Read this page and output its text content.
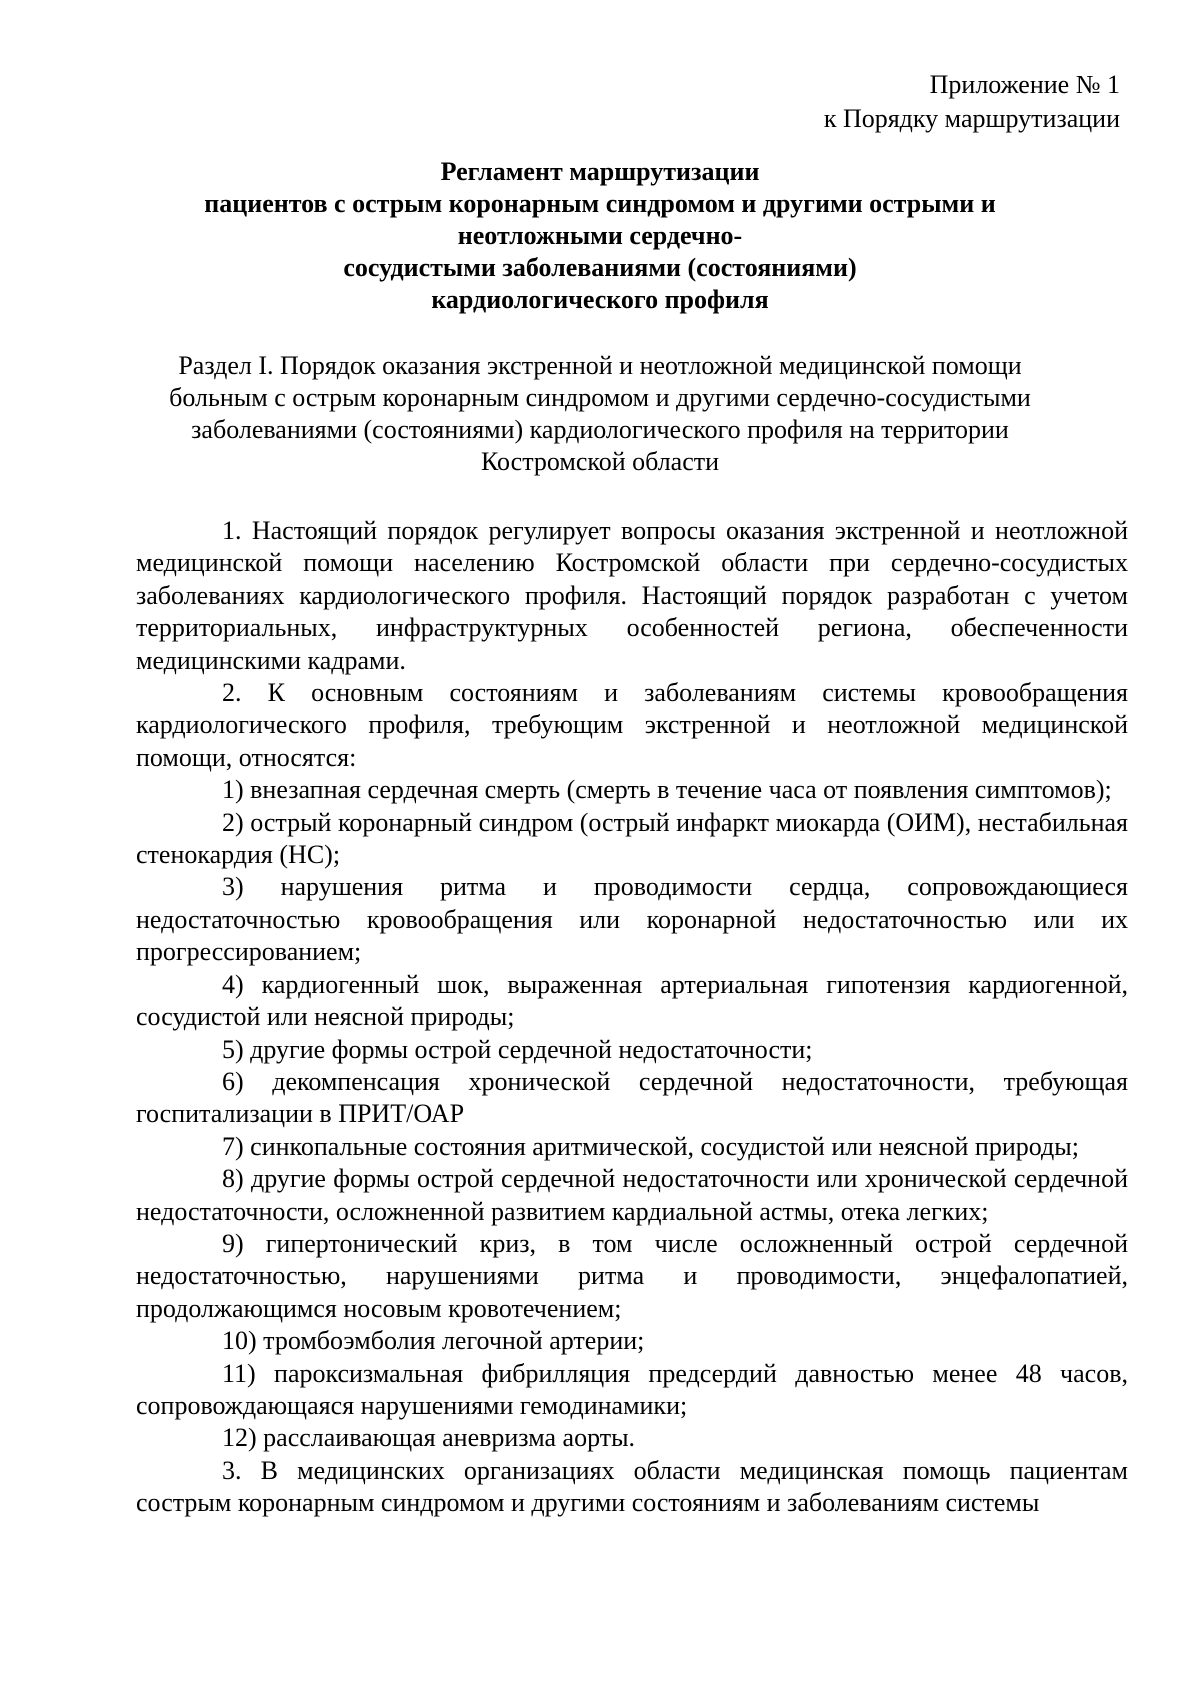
Приложение № 1
к Порядку маршрутизации
Регламент маршрутизации
пациентов с острым коронарным синдромом и другими острыми и
неотложными сердечно-
сосудистыми заболеваниями (состояниями)
кардиологического профиля
Раздел I. Порядок оказания экстренной и неотложной медицинской помощи
больным с острым коронарным синдромом и другими сердечно-сосудистыми
заболеваниями (состояниями) кардиологического профиля на территории
Костромской области

1. Настоящий порядок регулирует вопросы оказания экстренной и неотложной медицинской помощи населению Костромской области при сердечно-сосудистых заболеваниях кардиологического профиля. Настоящий порядок разработан с учетом территориальных, инфраструктурных особенностей региона, обеспеченности медицинскими кадрами.

2. К основным состояниям и заболеваниям системы кровообращения кардиологического профиля, требующим экстренной и неотложной медицинской помощи, относятся:

1) внезапная сердечная смерть (смерть в течение часа от появления симптомов);

2) острый коронарный синдром (острый инфаркт миокарда (ОИМ), нестабильная стенокардия (НС);

3) нарушения ритма и проводимости сердца, сопровождающиеся недостаточностью кровообращения или коронарной недостаточностью или их прогрессированием;

4) кардиогенный шок, выраженная артериальная гипотензия кардиогенной, сосудистой или неясной природы;

5) другие формы острой сердечной недостаточности;

6) декомпенсация хронической сердечной недостаточности, требующая госпитализации в ПРИТ/ОАР

7) синкопальные состояния аритмической, сосудистой или неясной природы;

8) другие формы острой сердечной недостаточности или хронической сердечной недостаточности, осложненной развитием кардиальной астмы, отека легких;

9) гипертонический криз, в том числе осложненный острой сердечной недостаточностью, нарушениями ритма и проводимости, энцефалопатией, продолжающимся носовым кровотечением;

10) тромбоэмболия легочной артерии;

11) пароксизмальная фибрилляция предсердий давностью менее 48 часов, сопровождающаяся нарушениями гемодинамики;

12) расслаивающая аневризма аорты.

3. В медицинских организациях области медицинская помощь пациентам сострым коронарным синдромом и другими состояниям и заболеваниям системы
